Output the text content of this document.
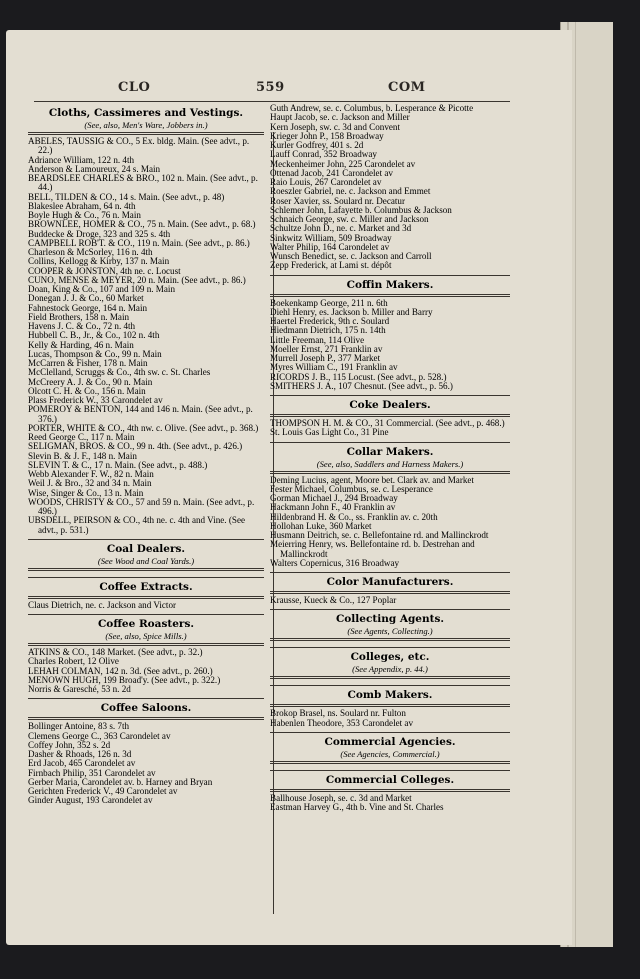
CLO	559	COM
Cloths, Cassimeres and Vestings.
(See, also, Men's Ware, Jobbers in.)
ABELES, TAUSSIG & CO., 5 Ex. bldg. Main. (See advt., p. 22.)
Adriance William, 122 n. 4th
Anderson & Lamoureux, 24 s. Main
BEARDSLEE CHARLES & BRO., 102 n. Main. (See advt., p. 44.)
BELL, TILDEN & CO., 14 s. Main. (See advt., p. 48)
Blakeslee Abraham, 64 n. 4th
Boyle Hugh & Co., 76 n. Main
BROWNLEE, HOMER & CO., 75 n. Main. (See advt., p. 68.)
Buddecke & Droge, 323 and 325 s. 4th
CAMPBELL ROB'T. & CO., 119 n. Main. (See advt., p. 86.)
Charleson & McSorley, 116 n. 4th
Collins, Kellogg & Kirby, 137 n. Main
COOPER & JONSTON, 4th ne. c. Locust
CUNO, MENSE & MEYER, 20 n. Main. (See advt., p. 86.)
Doan, King & Co., 107 and 109 n. Main
Donegan J. J. & Co., 60 Market
Fahnestock George, 164 n. Main
Field Brothers, 158 n. Main
Havens J. C. & Co., 72 n. 4th
Hubbell C. B., Jr., & Co., 102 n. 4th
Kelly & Harding, 46 n. Main
Lucas, Thompson & Co., 99 n. Main
McCarren & Fisher, 178 n. Main
McClelland, Scruggs & Co., 4th sw. c. St. Charles
McCreery A. J. & Co., 90 n. Main
Olcott C. H. & Co., 156 n. Main
Plass Frederick W., 33 Carondelet av
POMEROY & BENTON, 144 and 146 n. Main. (See advt., p. 376.)
PORTER, WHITE & CO., 4th nw. c. Olive. (See advt., p. 368.)
Reed George C., 117 n. Main
SELIGMAN, BROS. & CO., 99 n. 4th. (See advt., p. 426.)
Slevin B. & J. F., 148 n. Main
SLEVIN T. & C., 17 n. Main. (See advt., p. 488.)
Webb Alexander F. W., 82 n. Main
Weil J. & Bro., 32 and 34 n. Main
Wise, Singer & Co., 13 n. Main
WOODS, CHRISTY & CO., 57 and 59 n. Main. (See advt., p. 496.)
UBSDELL, PEIRSON & CO., 4th ne. c. 4th and Vine. (See advt., p. 531.)
Coal Dealers.
(See Wood and Coal Yards.)
Coffee Extracts.
Claus Dietrich, ne. c. Jackson and Victor
Coffee Roasters.
(See, also, Spice Mills.)
ATKINS & CO., 148 Market. (See advt., p. 32.)
Charles Robert, 12 Olive
LEHAH COLMAN, 142 n. 3d. (See advt., p. 260.)
MENOWN HUGH, 199 Broad'y. (See advt., p. 322.)
Norris & Garesché, 53 n. 2d
Coffee Saloons.
Bollinger Antoine, 83 s. 7th
Clemens George C., 363 Carondelet av
Coffey John, 352 s. 2d
Dasher & Rhoads, 126 n. 3d
Erd Jacob, 465 Carondelet av
Firnbach Philip, 351 Carondelet av
Gerber Maria, Carondelet av. b. Harney and Bryan
Gerichten Frederick V., 49 Carondelet av
Ginder August, 193 Carondelet av
Guth Andrew, se. c. Columbus, b. Lesperance & Picotte
Haupt Jacob, se. c. Jackson and Miller
Kern Joseph, sw. c. 3d and Convent
Krieger John P., 158 Broadway
Kurler Godfrey, 401 s. 2d
Lauff Conrad, 352 Broadway
Meckenheimer John, 225 Carondelet av
Ottenad Jacob, 241 Carondelet av
Raio Louis, 267 Carondelet av
Roeszler Gabriel, ne. c. Jackson and Emmet
Roser Xavier, ss. Soulard nr. Decatur
Schlemer John, Lafayette b. Columbus & Jackson
Schnaich George, sw. c. Miller and Jackson
Schultze John D., ne. c. Market and 3d
Sinkwitz William, 509 Broadway
Walter Philip, 164 Carondelet av
Wunsch Benedict, se. c. Jackson and Carroll
Zepp Frederick, at Lami st. dépôt
Coffin Makers.
Boekenkamp George, 211 n. 6th
Diehl Henry, es. Jackson b. Miller and Barry
Haertel Frederick, 9th c. Soulard
Hiedmann Dietrich, 175 n. 14th
Little Freeman, 114 Olive
Moeller Ernst, 271 Franklin av
Murrell Joseph P., 377 Market
Myres William C., 191 Franklin av
RICORDS J. B., 115 Locust. (See advt., p. 528.)
SMITHERS J. A., 107 Chesnut. (See advt., p. 56.)
Coke Dealers.
THOMPSON H. M. & CO., 31 Commercial. (See advt., p. 468.)
St. Louis Gas Light Co., 31 Pine
Collar Makers.
(See, also, Saddlers and Harness Makers.)
Deming Lucius, agent, Moore bet. Clark av. and Market
Fester Michael, Columbus, se. c. Lesperance
Gorman Michael J., 294 Broadway
Hackmann John F., 40 Franklin av
Hildenbrand H. & Co., ss. Franklin av. c. 20th
Hollohan Luke, 360 Market
Husmann Deitrich, se. c. Bellefontaine rd. and Mallinckrodt
Meierring Henry, ws. Bellefontaine rd. b. Destrehan and Mallinckrodt
Walters Copernicus, 316 Broadway
Color Manufacturers.
Krausse, Kueck & Co., 127 Poplar
Collecting Agents.
(See Agents, Collecting.)
Colleges, etc.
(See Appendix, p. 44.)
Comb Makers.
Brokop Brasel, ns. Soulard nr. Fulton
Habenlen Theodore, 353 Carondelet av
Commercial Agencies.
(See Agencies, Commercial.)
Commercial Colleges.
Ballhouse Joseph, se. c. 3d and Market
Eastman Harvey G., 4th b. Vine and St. Charles
